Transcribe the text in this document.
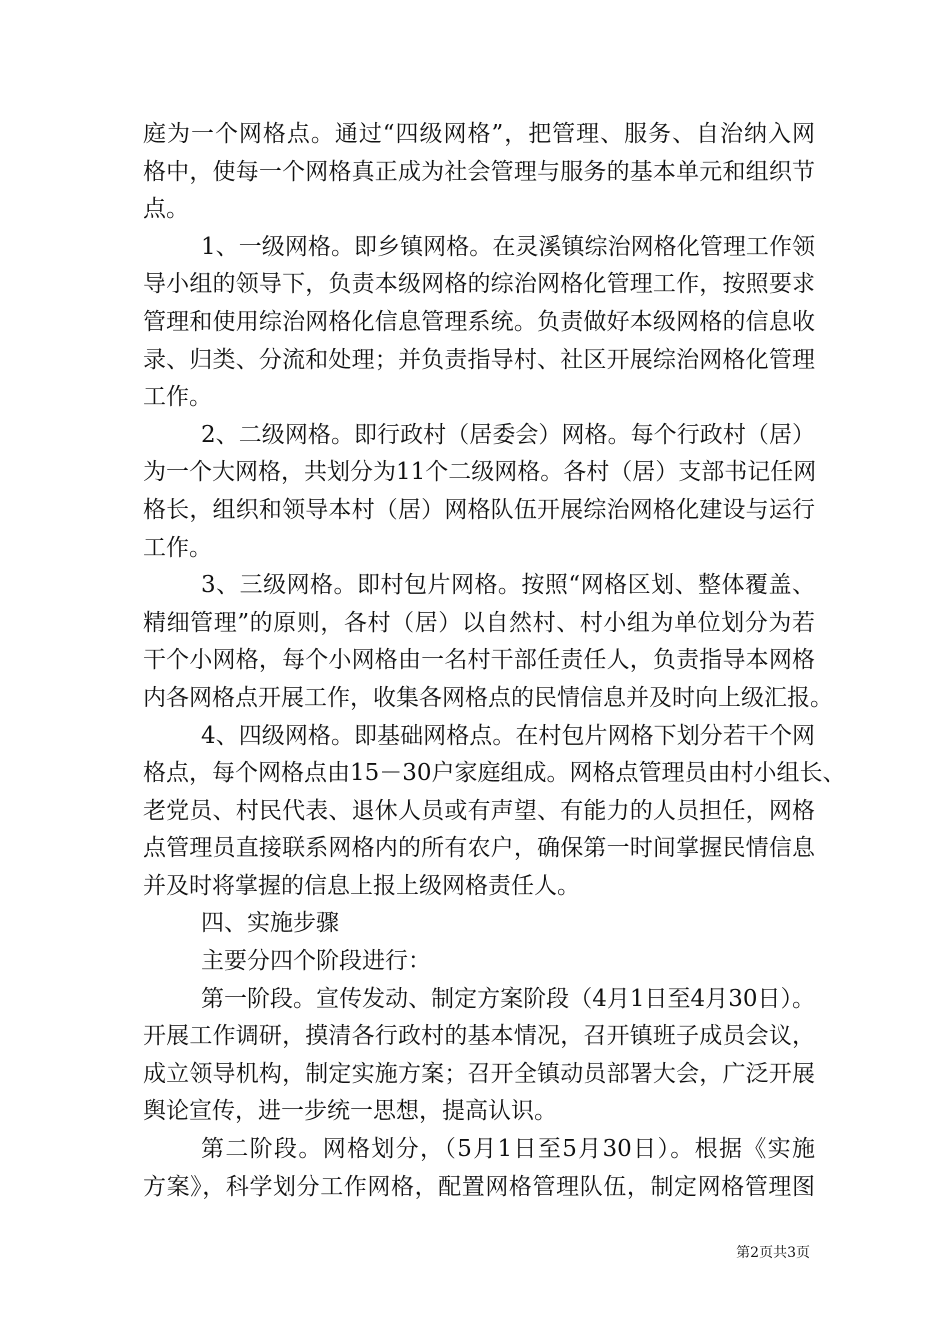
庭为一个网格点。通过“四级网格”，把管理、服务、自治纳入网
格中，使每一个网格真正成为社会管理与服务的基本单元和组织节
点。
1、一级网格。即乡镇网格。在灵溪镇综治网格化管理工作领
导小组的领导下，负责本级网格的综治网格化管理工作，按照要求
管理和使用综治网格化信息管理系统。负责做好本级网格的信息收
录、归类、分流和处理；并负责指导村、社区开展综治网格化管理
工作。
2、二级网格。即行政村（居委会）网格。每个行政村（居）
为一个大网格，共划分为11个二级网格。各村（居）支部书记任网
格长，组织和领导本村（居）网格队伍开展综治网格化建设与运行
工作。
3、三级网格。即村包片网格。按照“网格区划、整体覆盖、
精细管理”的原则，各村（居）以自然村、村小组为单位划分为若
干个小网格，每个小网格由一名村干部任责任人，负责指导本网格
内各网格点开展工作，收集各网格点的民情信息并及时向上级汇报。
4、四级网格。即基础网格点。在村包片网格下划分若干个网
格点，每个网格点由15－30户家庭组成。网格点管理员由村小组长、
老党员、村民代表、退休人员或有声望、有能力的人员担任，网格
点管理员直接联系网格内的所有农户，确保第一时间掌握民情信息
并及时将掌握的信息上报上级网格责任人。
四、实施步骤
主要分四个阶段进行：
第一阶段。宣传发动、制定方案阶段（4月1日至4月30日）。
开展工作调研，摸清各行政村的基本情况，召开镇班子成员会议，
成立领导机构，制定实施方案；召开全镇动员部署大会，广泛开展
舆论宣传，进一步统一思想，提高认识。
第二阶段。网格划分，（5月1日至5月30日）。根据《实施
方案》，科学划分工作网格，配置网格管理队伍，制定网格管理图
第2页共3页
